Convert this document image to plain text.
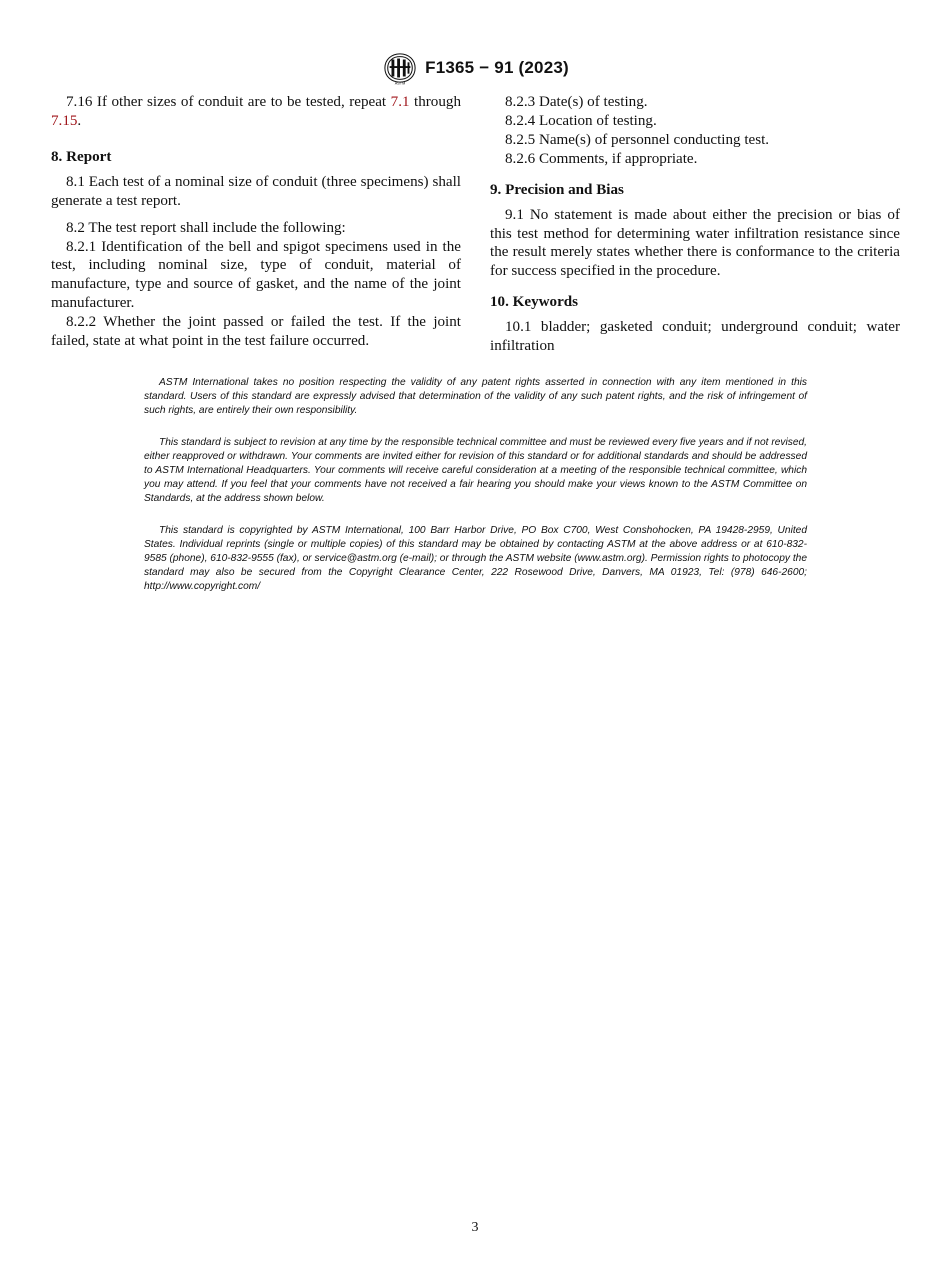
ASTM
F1365 − 91 (2023)

7.16 If other sizes of conduit are to be tested, repeat 7.1 through 7.15.

8. Report

8.1 Each test of a nominal size of conduit (three specimens) shall generate a test report.

8.2 The test report shall include the following:

8.2.1 Identification of the bell and spigot specimens used in the test, including nominal size, type of conduit, material of manufacture, type and source of gasket, and the name of the joint manufacturer.

8.2.2 Whether the joint passed or failed the test. If the joint failed, state at what point in the test failure occurred.

8.2.3 Date(s) of testing.

8.2.4 Location of testing.

8.2.5 Name(s) of personnel conducting test.

8.2.6 Comments, if appropriate.

9. Precision and Bias

9.1 No statement is made about either the precision or bias of this test method for determining water infiltration resistance since the result merely states whether there is conformance to the criteria for success specified in the procedure.

10. Keywords

10.1 bladder; gasketed conduit; underground conduit; water infiltration

ASTM International takes no position respecting the validity of any patent rights asserted in connection with any item mentioned in this standard. Users of this standard are expressly advised that determination of the validity of any such patent rights, and the risk of infringement of such rights, are entirely their own responsibility.

This standard is subject to revision at any time by the responsible technical committee and must be reviewed every five years and if not revised, either reapproved or withdrawn. Your comments are invited either for revision of this standard or for additional standards and should be addressed to ASTM International Headquarters. Your comments will receive careful consideration at a meeting of the responsible technical committee, which you may attend. If you feel that your comments have not received a fair hearing you should make your views known to the ASTM Committee on Standards, at the address shown below.

This standard is copyrighted by ASTM International, 100 Barr Harbor Drive, PO Box C700, West Conshohocken, PA 19428-2959, United States. Individual reprints (single or multiple copies) of this standard may be obtained by contacting ASTM at the above address or at 610-832-9585 (phone), 610-832-9555 (fax), or service@astm.org (e-mail); or through the ASTM website (www.astm.org). Permission rights to photocopy the standard may also be secured from the Copyright Clearance Center, 222 Rosewood Drive, Danvers, MA 01923, Tel: (978) 646-2600; http://www.copyright.com/

3
